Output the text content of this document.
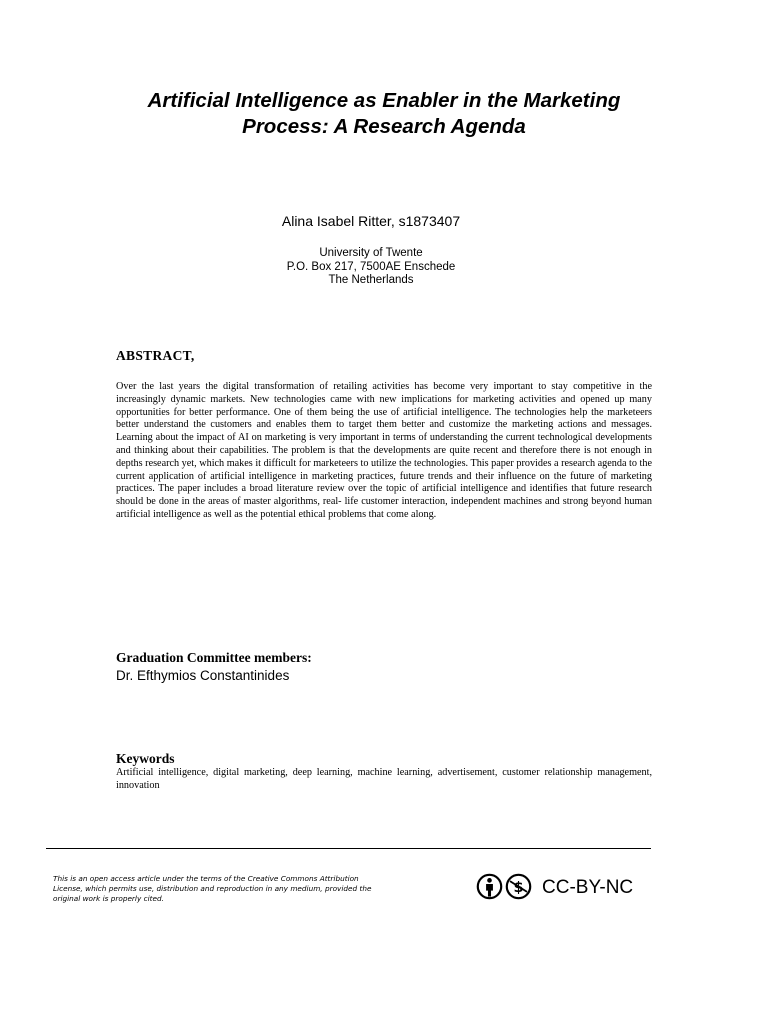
Artificial Intelligence as Enabler in the Marketing
Process: A Research Agenda
Alina Isabel Ritter, s1873407
University of Twente
P.O. Box 217, 7500AE Enschede
The Netherlands
ABSTRACT,

Over the last years the digital transformation of retailing activities has become very important to stay competitive in the increasingly dynamic markets. New technologies came with new implications for marketing activities and opened up many opportunities for better performance. One of them being the use of artificial intelligence. The technologies help the marketeers better understand the customers and enables them to target them better and customize the marketing actions and messages. Learning about the impact of AI on marketing is very important in terms of understanding the current technological developments and thinking about their capabilities. The problem is that the developments are quite recent and therefore there is not enough in depths research yet, which makes it difficult for marketeers to utilize the technologies. This paper provides a research agenda to the current application of artificial intelligence in marketing practices, future trends and their influence on the future of marketing practices. The paper includes a broad literature review over the topic of artificial intelligence and identifies that future research should be done in the areas of master algorithms, real- life customer interaction, independent machines and strong beyond human artificial intelligence as well as the potential ethical problems that come along.

Graduation Committee members:
Dr. Efthymios Constantinides
Keywords

Artificial intelligence, digital marketing, deep learning, machine learning, advertisement, customer relationship management, innovation

This is an open access article under the terms of the Creative Commons Attribution License, which permits use, distribution and reproduction in any medium, provided the original work is properly cited.

$ CC-BY-NC
